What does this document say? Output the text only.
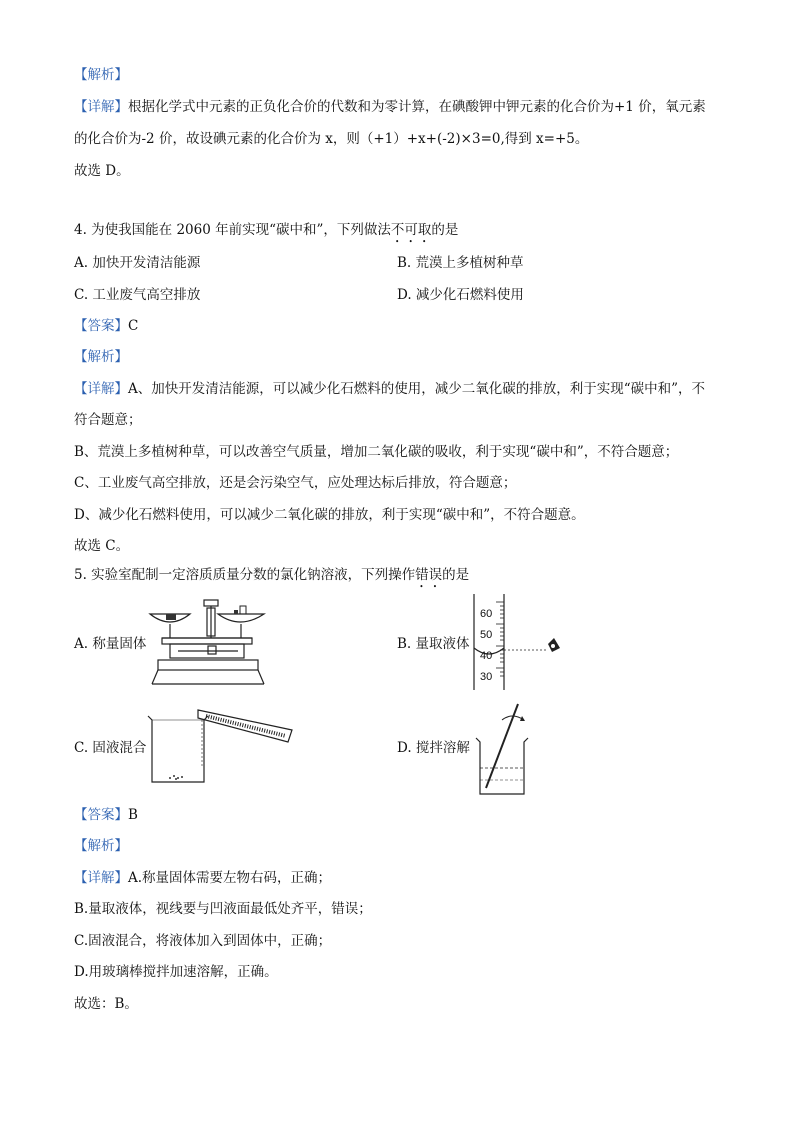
【解析】
【详解】根据化学式中元素的正负化合价的代数和为零计算，在碘酸钾中钾元素的化合价为+1 价，氧元素
的化合价为-2 价，故设碘元素的化合价为 x，则（+1）+x+(-2)×3=0,得到 x=+5。
故选 D。
4. 为使我国能在 2060 年前实现“碳中和”，下列做法不可取的是
A. 加快开发清洁能源	B. 荒漠上多植树种草
C. 工业废气高空排放	D. 减少化石燃料使用
【答案】C
【解析】
【详解】A、加快开发清洁能源，可以减少化石燃料的使用，减少二氧化碳的排放，利于实现“碳中和”，不
符合题意；
B、荒漠上多植树种草，可以改善空气质量，增加二氧化碳的吸收，利于实现“碳中和”，不符合题意；
C、工业废气高空排放，还是会污染空气，应处理达标后排放，符合题意；
D、减少化石燃料使用，可以减少二氧化碳的排放，利于实现“碳中和”，不符合题意。
故选 C。
5. 实验室配制一定溶质质量分数的氯化钠溶液，下列操作错误的是
A. 称量固体	B. 量取液体
C. 固液混合	D. 搅拌溶解
60
50
40
30
【答案】B
【解析】
【详解】A.称量固体需要左物右码，正确；
B.量取液体，视线要与凹液面最低处齐平，错误；
C.固液混合，将液体加入到固体中，正确；
D.用玻璃棒搅拌加速溶解，正确。
故选：B。
